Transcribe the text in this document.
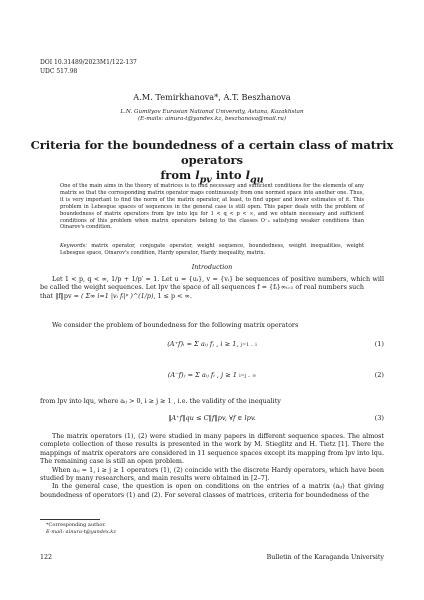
DOI 10.31489/2023M1/122-137
UDC 517.98
A.M. Temirkhanova*, A.T. Beszhanova
L.N. Gumilyov Eurasian National University, Astana, Kazakhstan
(E-mails: ainura-t@yandex.kz, beszhanova@mail.ru)
Criteria for the boundedness of a certain class of matrix operators
from $l_{pv}$ into $l_{qu}$

One of the main aims in the theory of matrices is to find necessary and sufficient conditions for the elements of any matrix so that the corresponding matrix operator maps continuously from one normed space into another one. Thus, it is very important to find the norm of the matrix operator, at least, to find upper and lower estimates of it. This problem in Lebesgue spaces of sequences in the general case is still open. This paper deals with the problem of boundedness of matrix operators from lpv into lqu for 1 < q < p < ∞, and we obtain necessary and sufficient conditions of this problem when matrix operators belong to the classes O⁻ₙ satisfying weaker conditions than Oinarov's condition.

Keywords: matrix operator, conjugate operator, weight sequence, boundedness, weight inequalities, weight Lebesgue space, Oinarov's condition, Hardy operator, Hardy inequality, matrix.
Introduction

Let 1 < p, q < ∞, 1/p + 1/p′ = 1. Let u = {uᵢ}, v = {vᵢ} be sequences of positive numbers, which will be called the weight sequences. Let lpv the space of all sequences f = {fᵢ}∞ᵢ₌₁ of real numbers such

that ‖f‖pv = ( Σ∞ i=1 |vᵢ fᵢ|ᵖ )^(1/p), 1 ≤ p < ∞.

We consider the problem of boundedness for the following matrix operators

(A⁺f)ᵢ = Σ aᵢⱼ fⱼ , i ≥ 1, j=1 .. i	(1)
(A⁻f)ⱼ = Σ aᵢⱼ fᵢ , j ≥ 1 i=j .. ∞	(2)

from lpv into lqu, where aᵢⱼ > 0, i ≥ j ≥ 1 , i.e. the validity of the inequality

‖A⁺f‖qu ≤ C‖f‖pv, ∀f ∈ lpv.	(3)

The matrix operators (1), (2) were studied in many papers in different sequence spaces. The almost complete collection of these results is presented in the work by M. Stieglitz and H. Tietz [1]. There the mappings of matrix operators are considered in 11 sequence spaces except its mapping from lpv into lqu. The remaining case is still an open problem.

When aᵢⱼ = 1, i ≥ j ≥ 1 operators (1), (2) coincide with the discrete Hardy operators, which have been studied by many researchers, and main results were obtained in [2–7].

In the general case, the question is open on conditions on the entries of a matrix (aᵢⱼ) that giving boundedness of operators (1) and (2). For several classes of matrices, criteria for boundedness of the

*Corresponding author.
E-mail: ainura-t@yandex.kz
122	Bulletin of the Karaganda University
